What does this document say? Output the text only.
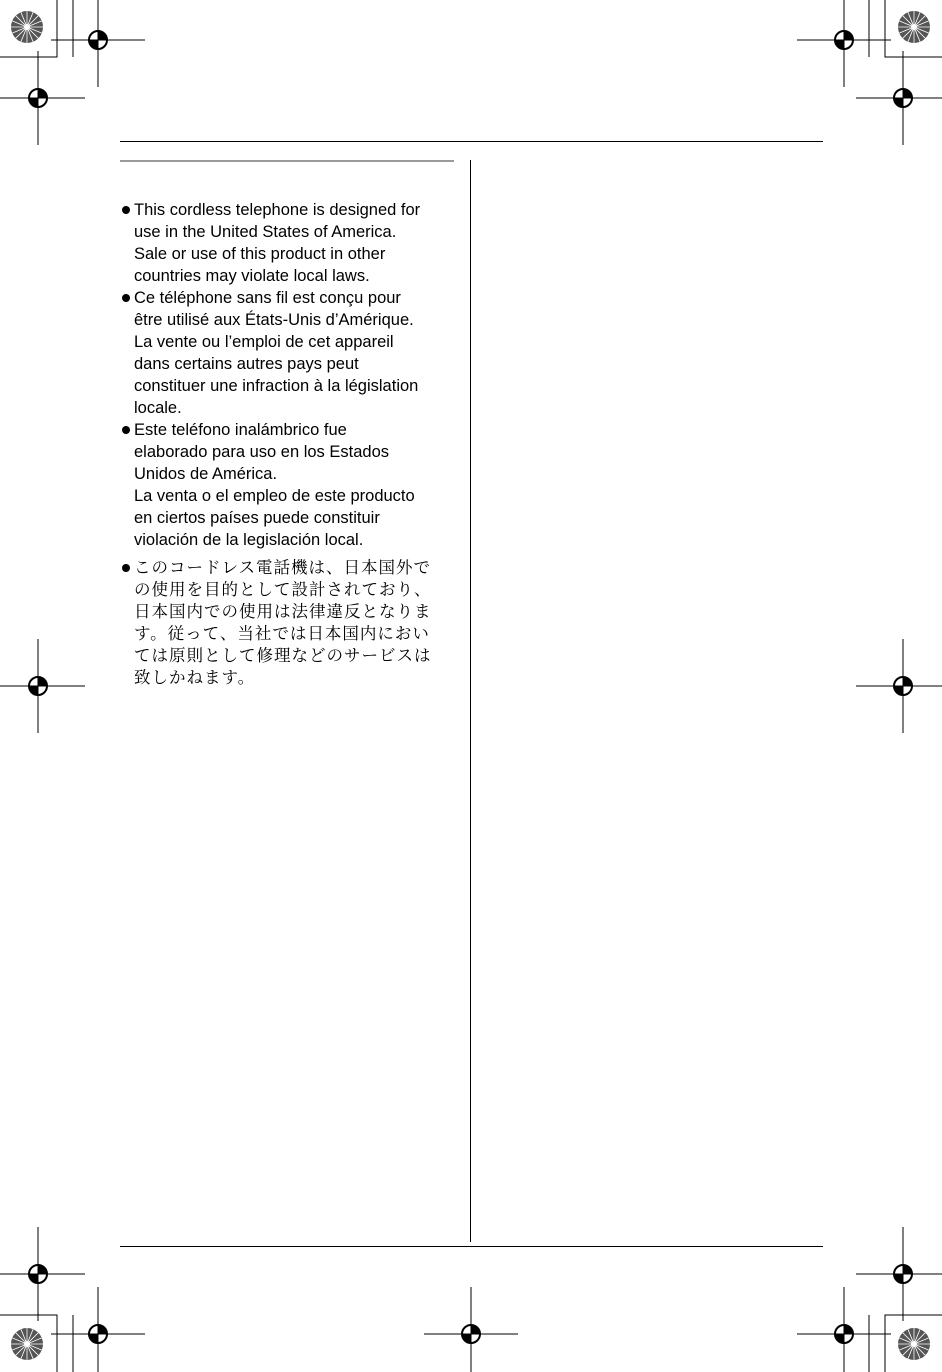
This cordless telephone is designed for
use in the United States of America.
Sale or use of this product in other
countries may violate local laws.
Ce téléphone sans fil est conçu pour
être utilisé aux États-Unis d’Amérique.
La vente ou l’emploi de cet appareil
dans certains autres pays peut
constituer une infraction à la législation
locale.
Este teléfono inalámbrico fue
elaborado para uso en los Estados
Unidos de América.
La venta o el empleo de este producto
en ciertos países puede constituir
violación de la legislación local.
このコードレス電話機は、日本国外で
の使用を目的として設計されており、
日本国内での使用は法律違反となりま
す。従って、当社では日本国内におい
ては原則として修理などのサービスは
致しかねます。
